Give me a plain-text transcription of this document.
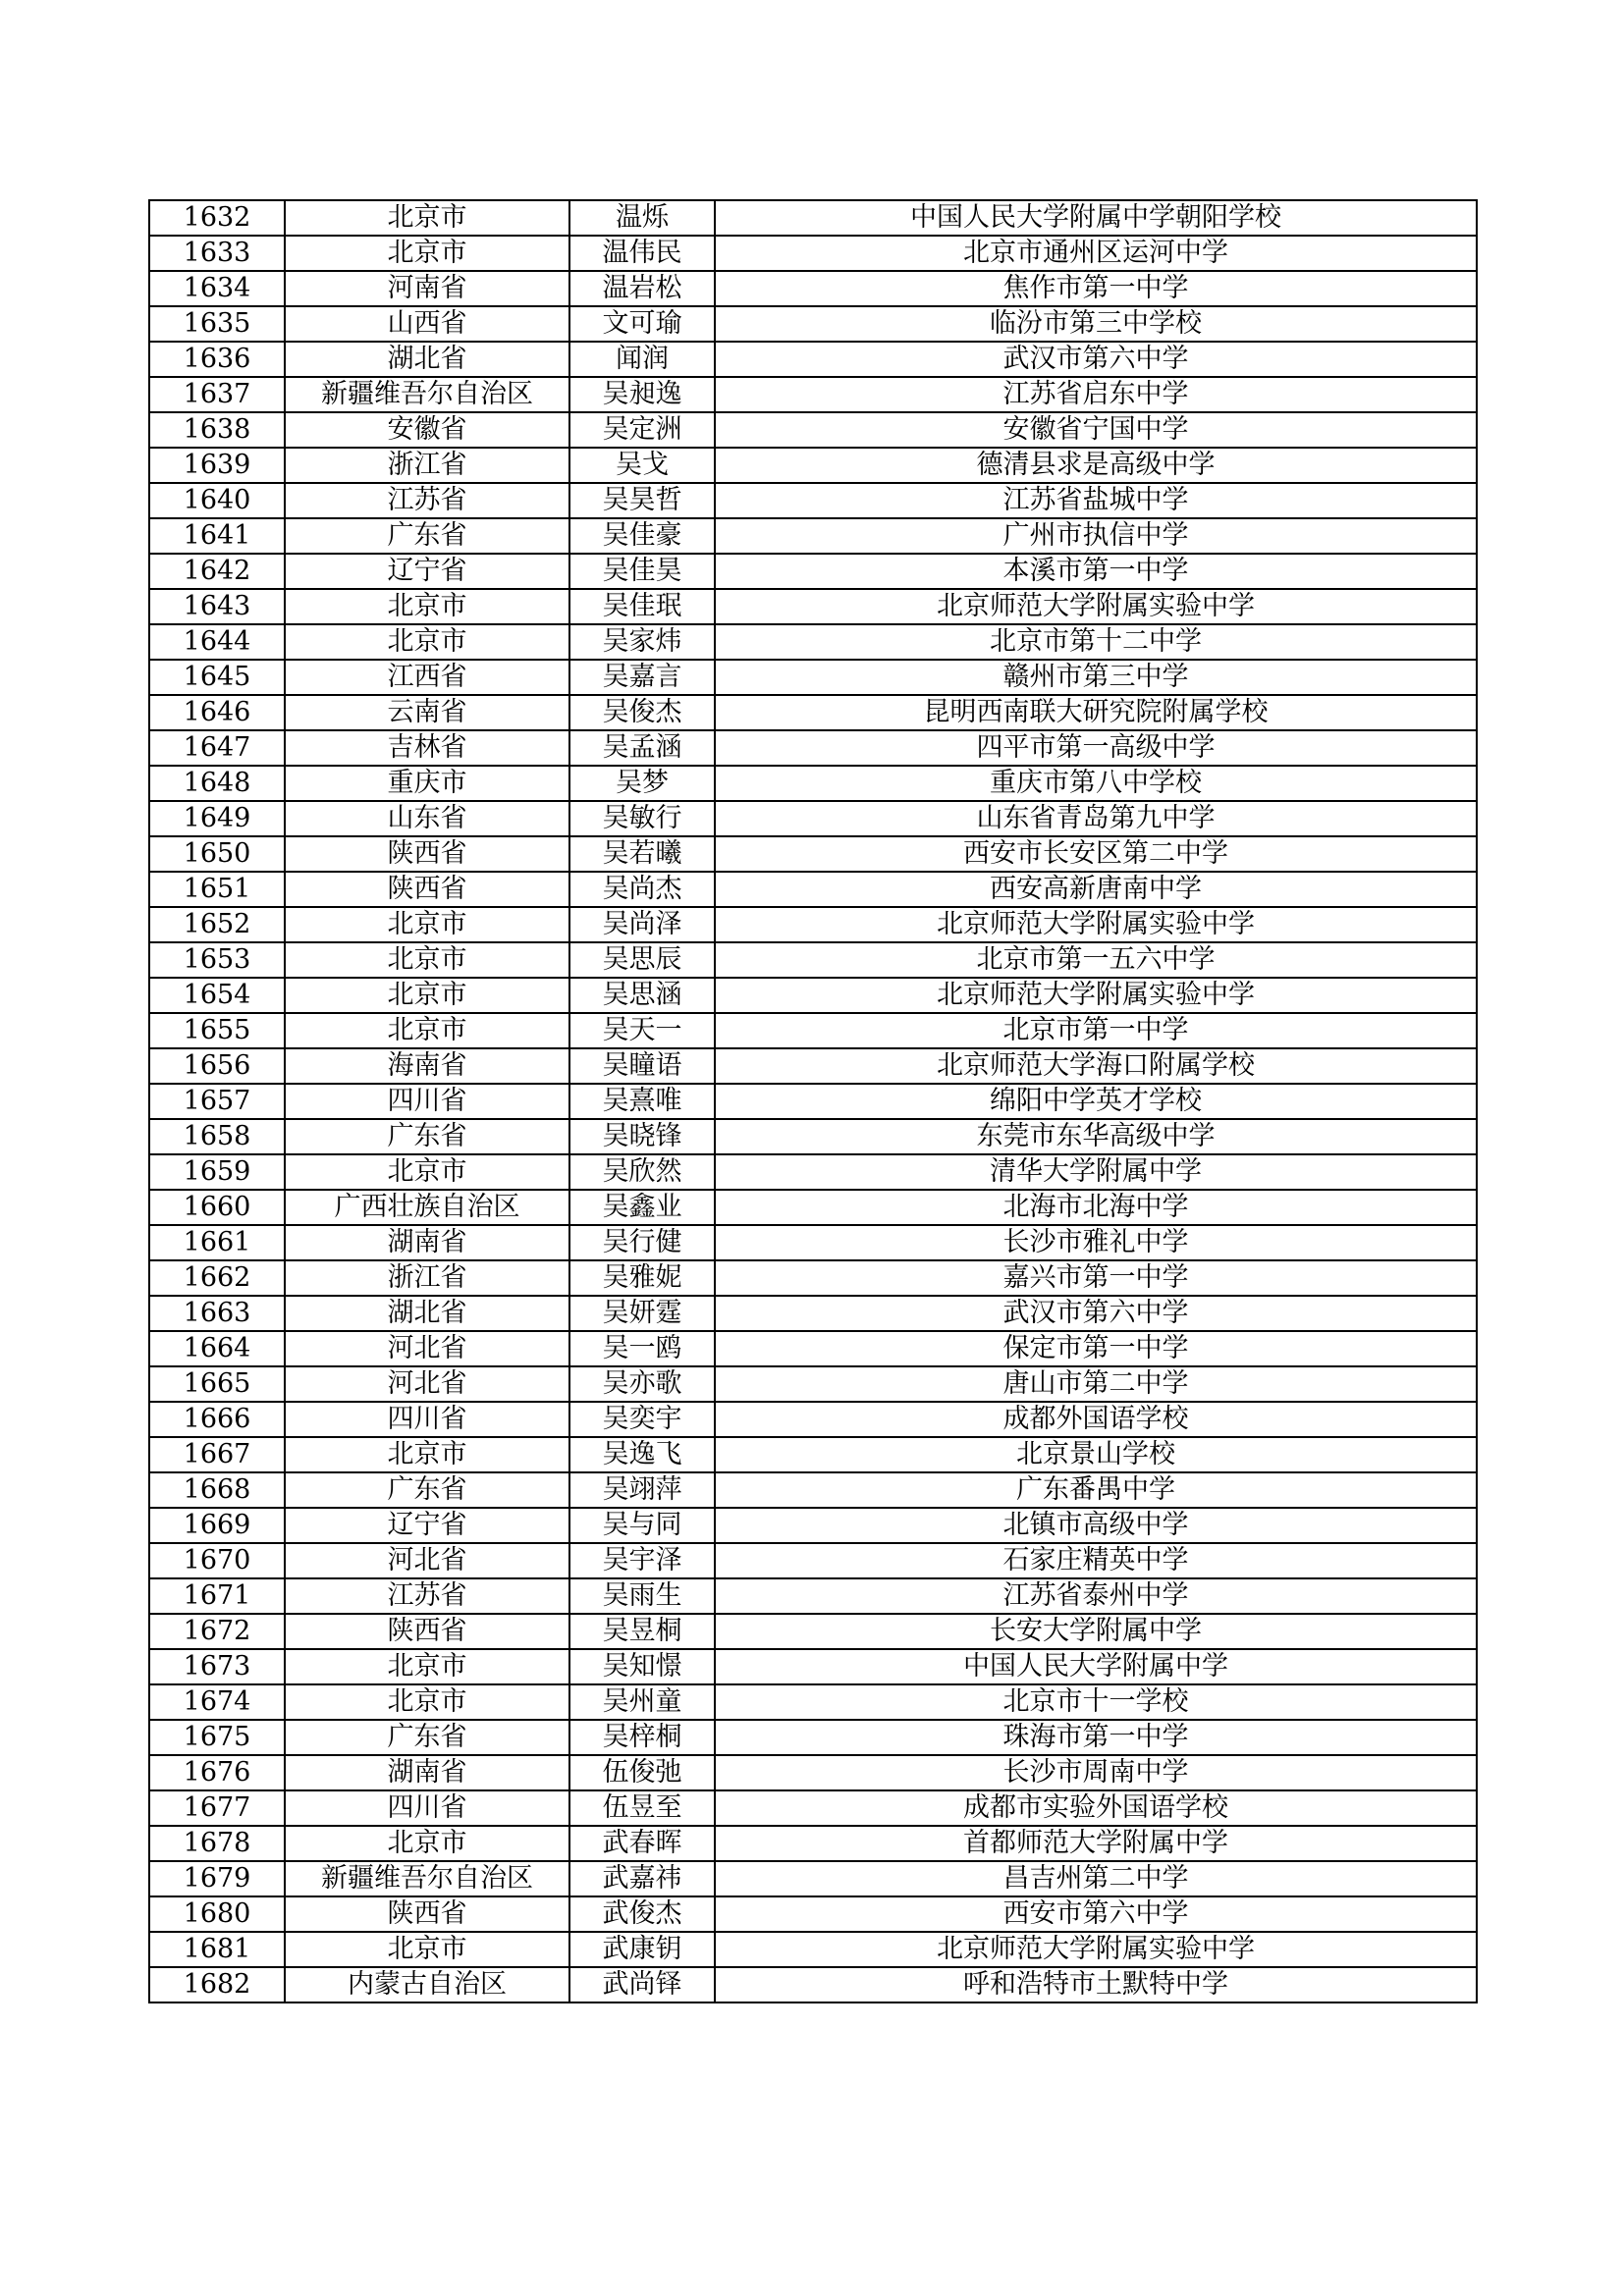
1632	北京市	温烁	中国人民大学附属中学朝阳学校
1633	北京市	温伟民	北京市通州区运河中学
1634	河南省	温岩松	焦作市第一中学
1635	山西省	文可瑜	临汾市第三中学校
1636	湖北省	闻润	武汉市第六中学
1637	新疆维吾尔自治区	吴昶逸	江苏省启东中学
1638	安徽省	吴定洲	安徽省宁国中学
1639	浙江省	吴戈	德清县求是高级中学
1640	江苏省	吴昊哲	江苏省盐城中学
1641	广东省	吴佳豪	广州市执信中学
1642	辽宁省	吴佳昊	本溪市第一中学
1643	北京市	吴佳珉	北京师范大学附属实验中学
1644	北京市	吴家炜	北京市第十二中学
1645	江西省	吴嘉言	赣州市第三中学
1646	云南省	吴俊杰	昆明西南联大研究院附属学校
1647	吉林省	吴孟涵	四平市第一高级中学
1648	重庆市	吴梦	重庆市第八中学校
1649	山东省	吴敏行	山东省青岛第九中学
1650	陕西省	吴若曦	西安市长安区第二中学
1651	陕西省	吴尚杰	西安高新唐南中学
1652	北京市	吴尚泽	北京师范大学附属实验中学
1653	北京市	吴思辰	北京市第一五六中学
1654	北京市	吴思涵	北京师范大学附属实验中学
1655	北京市	吴天一	北京市第一中学
1656	海南省	吴瞳语	北京师范大学海口附属学校
1657	四川省	吴熹唯	绵阳中学英才学校
1658	广东省	吴晓锋	东莞市东华高级中学
1659	北京市	吴欣然	清华大学附属中学
1660	广西壮族自治区	吴鑫业	北海市北海中学
1661	湖南省	吴行健	长沙市雅礼中学
1662	浙江省	吴雅妮	嘉兴市第一中学
1663	湖北省	吴妍霆	武汉市第六中学
1664	河北省	吴一鸥	保定市第一中学
1665	河北省	吴亦歌	唐山市第二中学
1666	四川省	吴奕宇	成都外国语学校
1667	北京市	吴逸飞	北京景山学校
1668	广东省	吴翊萍	广东番禺中学
1669	辽宁省	吴与同	北镇市高级中学
1670	河北省	吴宇泽	石家庄精英中学
1671	江苏省	吴雨生	江苏省泰州中学
1672	陕西省	吴昱桐	长安大学附属中学
1673	北京市	吴知憬	中国人民大学附属中学
1674	北京市	吴州童	北京市十一学校
1675	广东省	吴梓桐	珠海市第一中学
1676	湖南省	伍俊弛	长沙市周南中学
1677	四川省	伍昱至	成都市实验外国语学校
1678	北京市	武春晖	首都师范大学附属中学
1679	新疆维吾尔自治区	武嘉祎	昌吉州第二中学
1680	陕西省	武俊杰	西安市第六中学
1681	北京市	武康钥	北京师范大学附属实验中学
1682	内蒙古自治区	武尚铎	呼和浩特市土默特中学
